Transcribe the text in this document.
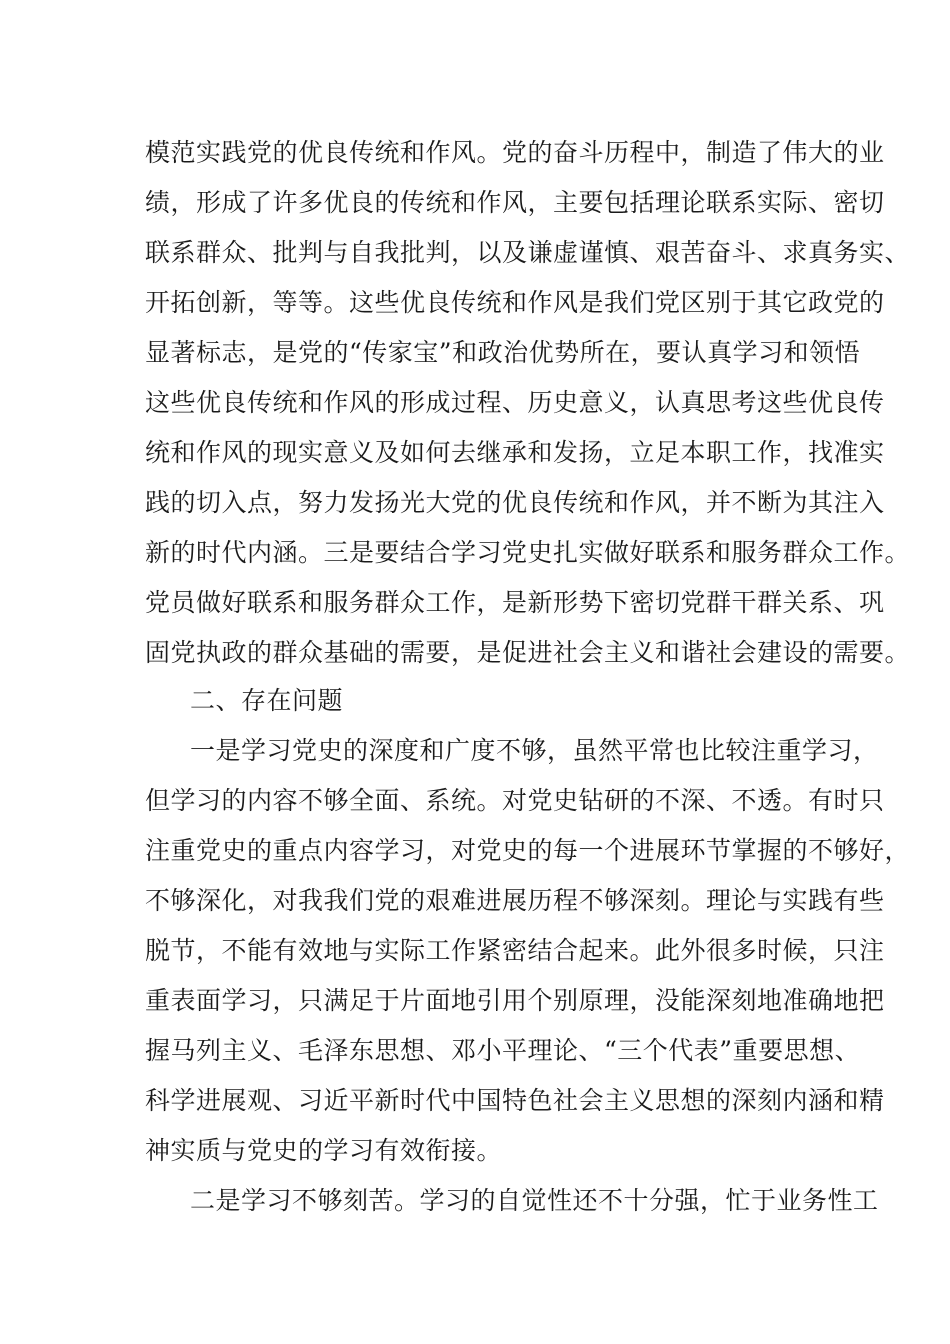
模范实践党的优良传统和作风。党的奋斗历程中，制造了伟大的业
绩，形成了许多优良的传统和作风，主要包括理论联系实际、密切
联系群众、批判与自我批判，以及谦虚谨慎、艰苦奋斗、求真务实、
开拓创新，等等。这些优良传统和作风是我们党区别于其它政党的
显著标志，是党的“传家宝”和政治优势所在，要认真学习和领悟
这些优良传统和作风的形成过程、历史意义，认真思考这些优良传
统和作风的现实意义及如何去继承和发扬，立足本职工作，找准实
践的切入点，努力发扬光大党的优良传统和作风，并不断为其注入
新的时代内涵。三是要结合学习党史扎实做好联系和服务群众工作。
党员做好联系和服务群众工作，是新形势下密切党群干群关系、巩
固党执政的群众基础的需要，是促进社会主义和谐社会建设的需要。
二、存在问题
一是学习党史的深度和广度不够，虽然平常也比较注重学习，
但学习的内容不够全面、系统。对党史钻研的不深、不透。有时只
注重党史的重点内容学习，对党史的每一个进展环节掌握的不够好，
不够深化，对我我们党的艰难进展历程不够深刻。理论与实践有些
脱节，不能有效地与实际工作紧密结合起来。此外很多时候，只注
重表面学习，只满足于片面地引用个别原理，没能深刻地准确地把
握马列主义、毛泽东思想、邓小平理论、“三个代表”重要思想、
科学进展观、习近平新时代中国特色社会主义思想的深刻内涵和精
神实质与党史的学习有效衔接。
二是学习不够刻苦。学习的自觉性还不十分强，忙于业务性工
